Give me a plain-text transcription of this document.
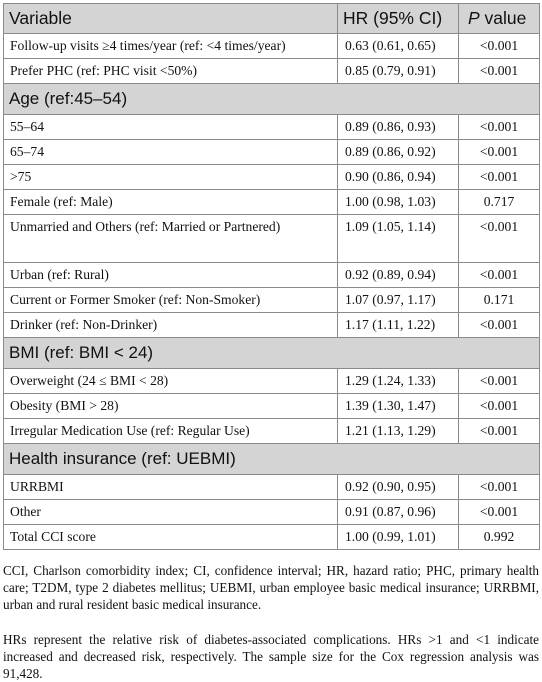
Variable	HR (95% CI)	P value
Follow-up visits ≥4 times/year (ref: <4 times/year)	0.63 (0.61, 0.65)	<0.001
Prefer PHC (ref: PHC visit <50%)	0.85 (0.79, 0.91)	<0.001
Age (ref:45–54)		
55–64	0.89 (0.86, 0.93)	<0.001
65–74	0.89 (0.86, 0.92)	<0.001
>75	0.90 (0.86, 0.94)	<0.001
Female (ref: Male)	1.00 (0.98, 1.03)	0.717
Unmarried and Others (ref: Married or Partnered)	1.09 (1.05, 1.14)	<0.001
Urban (ref: Rural)	0.92 (0.89, 0.94)	<0.001
Current or Former Smoker (ref: Non-Smoker)	1.07 (0.97, 1.17)	0.171
Drinker (ref: Non-Drinker)	1.17 (1.11, 1.22)	<0.001
BMI (ref: BMI < 24)		
Overweight (24 ≤ BMI < 28)	1.29 (1.24, 1.33)	<0.001
Obesity (BMI > 28)	1.39 (1.30, 1.47)	<0.001
Irregular Medication Use (ref: Regular Use)	1.21 (1.13, 1.29)	<0.001
Health insurance (ref: UEBMI)		
URRBMI	0.92 (0.90, 0.95)	<0.001
Other	0.91 (0.87, 0.96)	<0.001
Total CCI score	1.00 (0.99, 1.01)	0.992

CCI, Charlson comorbidity index; CI, confidence interval; HR, hazard ratio; PHC, primary health care; T2DM, type 2 diabetes mellitus; UEBMI, urban employee basic medical insurance; URRBMI, urban and rural resident basic medical insurance.

HRs represent the relative risk of diabetes-associated complications. HRs >1 and <1 indicate increased and decreased risk, respectively. The sample size for the Cox regression analysis was 91,428.
